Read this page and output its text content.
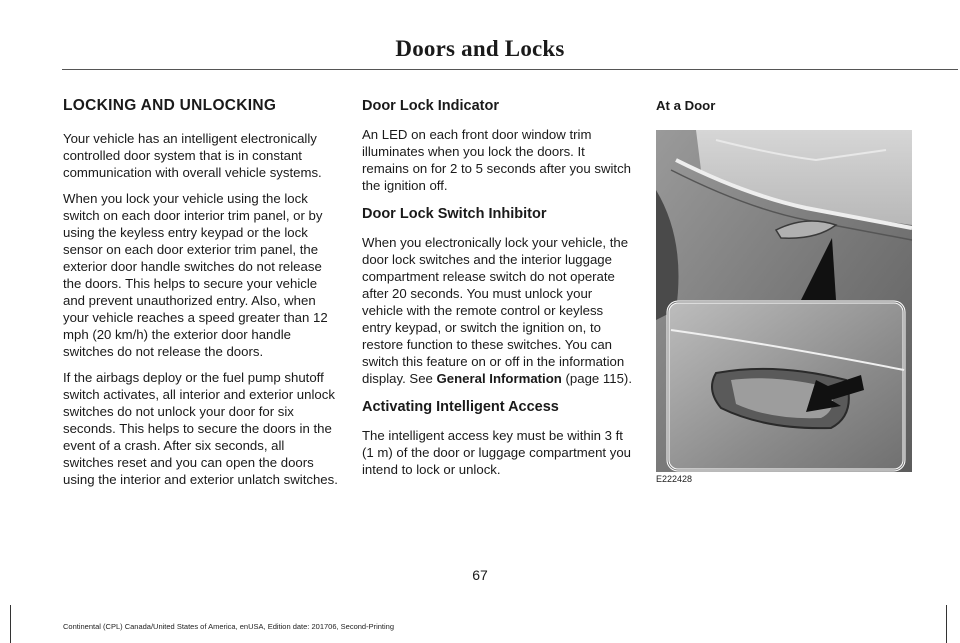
Doors and Locks
LOCKING AND UNLOCKING

Your vehicle has an intelligent electronically controlled door system that is in constant communication with overall vehicle systems.

When you lock your vehicle using the lock switch on each door interior trim panel, or by using the keyless entry keypad or the lock sensor on each door exterior trim panel, the exterior door handle switches do not release the doors. This helps to secure your vehicle and prevent unauthorized entry. Also, when your vehicle reaches a speed greater than 12 mph (20 km/h) the exterior door handle switches do not release the doors.

If the airbags deploy or the fuel pump shutoff switch activates, all interior and exterior unlock switches do not unlock your door for six seconds. This helps to secure the doors in the event of a crash. After six seconds, all switches reset and you can open the doors using the interior and exterior unlatch switches.

Door Lock Indicator

An LED on each front door window trim illuminates when you lock the doors. It remains on for 2 to 5 seconds after you switch the ignition off.

Door Lock Switch Inhibitor

When you electronically lock your vehicle, the door lock switches and the interior luggage compartment release switch do not operate after 20 seconds. You must unlock your vehicle with the remote control or keyless entry keypad, or switch the ignition on, to restore function to these switches. You can switch this feature on or off in the information display. See General Information (page 115).

Activating Intelligent Access

The intelligent access key must be within 3 ft (1 m) of the door or luggage compartment you intend to lock or unlock.

At a Door

E222428
67
Continental (CPL) Canada/United States of America, enUSA, Edition date: 201706, Second-Printing
